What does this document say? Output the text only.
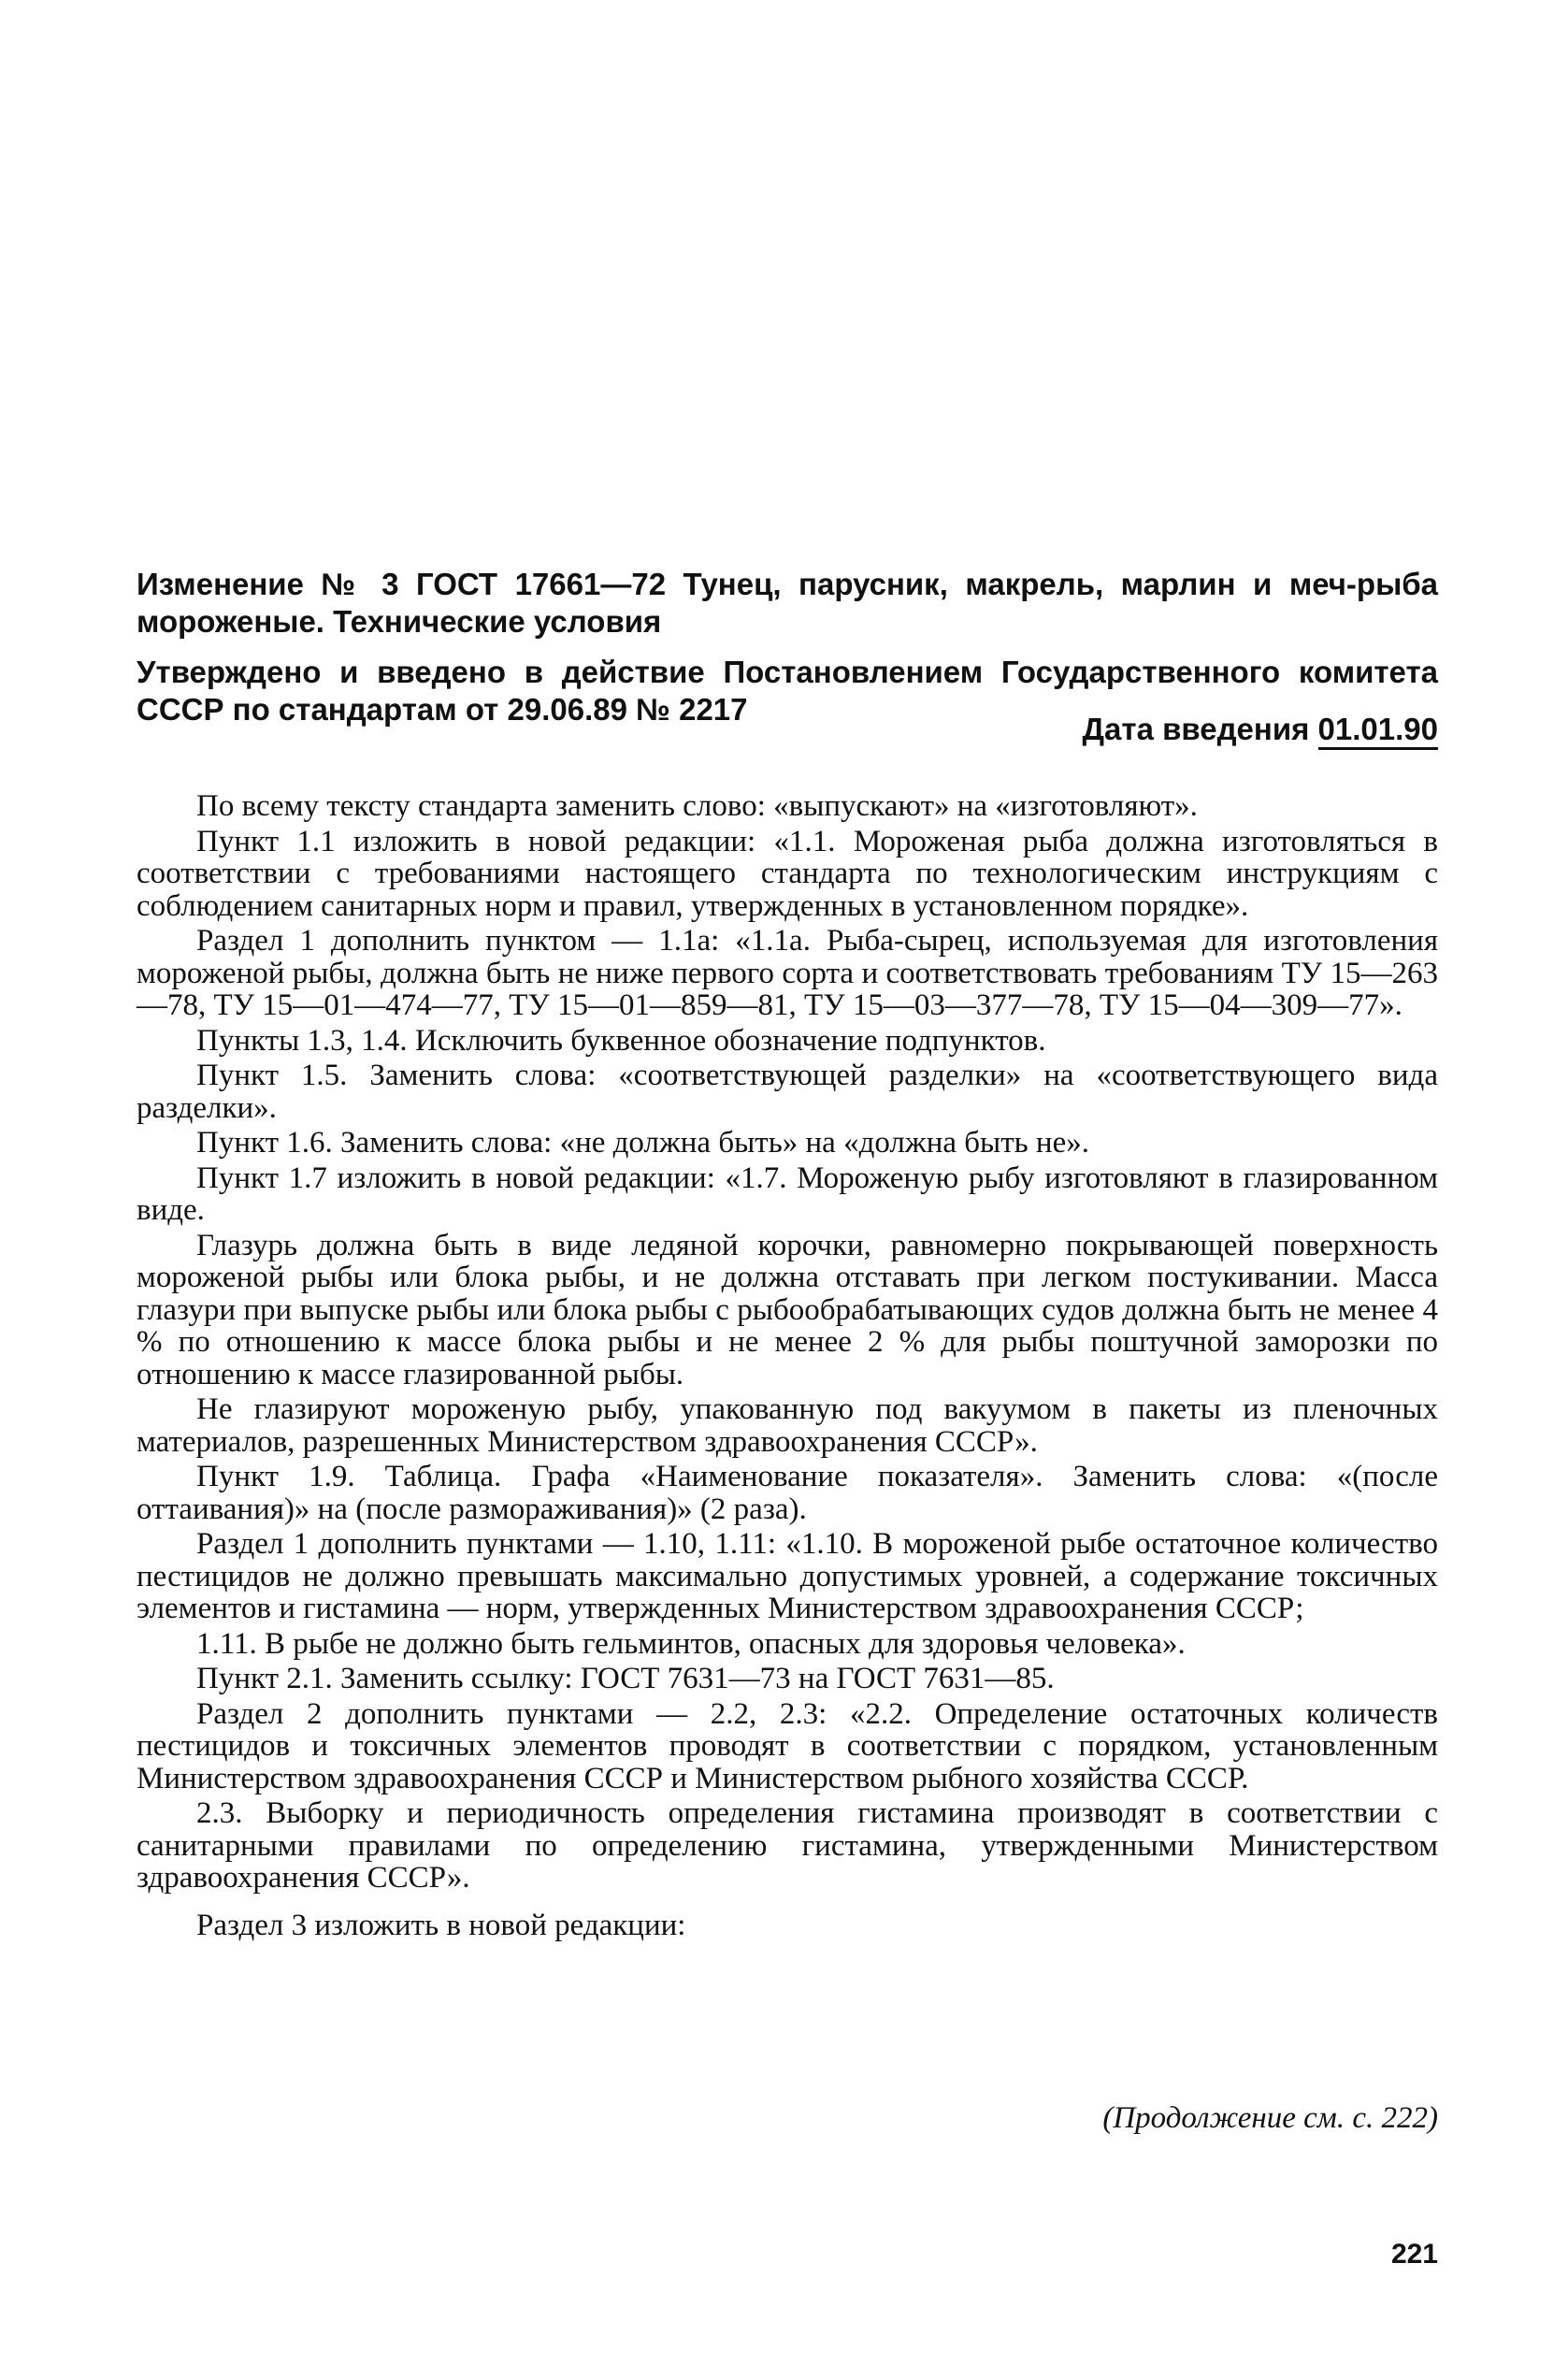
Изменение № 3 ГОСТ 17661—72 Тунец, парусник, макрель, марлин и меч-рыба мороженые. Технические условия

Утверждено и введено в действие Постановлением Государственного комитета СССР по стандартам от 29.06.89 № 2217

Дата введения 01.01.90

По всему тексту стандарта заменить слово: «выпускают» на «изготовляют».

Пункт 1.1 изложить в новой редакции: «1.1. Мороженая рыба должна изготовляться в соответствии с требованиями настоящего стандарта по технологическим инструкциям с соблюдением санитарных норм и правил, утвержденных в установленном порядке».

Раздел 1 дополнить пунктом — 1.1а: «1.1а. Рыба-сырец, используемая для изготовления мороженой рыбы, должна быть не ниже первого сорта и соответствовать требованиям ТУ 15—263—78, ТУ 15—01—474—77, ТУ 15—01—859—81, ТУ 15—03—377—78, ТУ 15—04—309—77».

Пункты 1.3, 1.4. Исключить буквенное обозначение подпунктов.

Пункт 1.5. Заменить слова: «соответствующей разделки» на «соответствующего вида разделки».

Пункт 1.6. Заменить слова: «не должна быть» на «должна быть не».

Пункт 1.7 изложить в новой редакции: «1.7. Мороженую рыбу изготовляют в глазированном виде.

Глазурь должна быть в виде ледяной корочки, равномерно покрывающей поверхность мороженой рыбы или блока рыбы, и не должна отставать при легком постукивании. Масса глазури при выпуске рыбы или блока рыбы с рыбообрабатывающих судов должна быть не менее 4 % по отношению к массе блока рыбы и не менее 2 % для рыбы поштучной заморозки по отношению к массе глазированной рыбы.

Не глазируют мороженую рыбу, упакованную под вакуумом в пакеты из пленочных материалов, разрешенных Министерством здравоохранения СССР».

Пункт 1.9. Таблица. Графа «Наименование показателя». Заменить слова: «(после оттаивания)» на (после размораживания)» (2 раза).

Раздел 1 дополнить пунктами — 1.10, 1.11: «1.10. В мороженой рыбе остаточное количество пестицидов не должно превышать максимально допустимых уровней, а содержание токсичных элементов и гистамина — норм, утвержденных Министерством здравоохранения СССР;

1.11. В рыбе не должно быть гельминтов, опасных для здоровья человека».

Пункт 2.1. Заменить ссылку: ГОСТ 7631—73 на ГОСТ 7631—85.

Раздел 2 дополнить пунктами — 2.2, 2.3: «2.2. Определение остаточных количеств пестицидов и токсичных элементов проводят в соответствии с порядком, установленным Министерством здравоохранения СССР и Министерством рыбного хозяйства СССР.

2.3. Выборку и периодичность определения гистамина производят в соответствии с санитарными правилами по определению гистамина, утвержденными Министерством здравоохранения СССР».

Раздел 3 изложить в новой редакции:

(Продолжение см. с. 222)

221
